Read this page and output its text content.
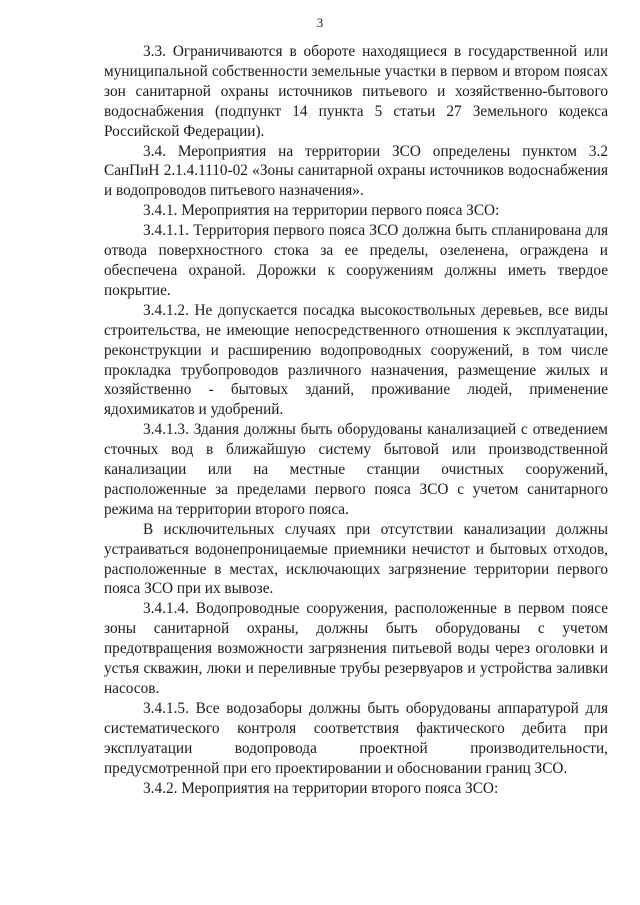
3

3.3. Ограничиваются в обороте находящиеся в государственной или муниципальной собственности земельные участки в первом и втором поясах зон санитарной охраны источников питьевого и хозяйственно-бытового водоснабжения (подпункт 14 пункта 5 статьи 27 Земельного кодекса Российской Федерации).

3.4. Мероприятия на территории ЗСО определены пунктом 3.2 СанПиН 2.1.4.1110-02 «Зоны санитарной охраны источников водоснабжения и водопроводов питьевого назначения».

3.4.1. Мероприятия на территории первого пояса ЗСО:

3.4.1.1. Территория первого пояса ЗСО должна быть спланирована для отвода поверхностного стока за ее пределы, озеленена, ограждена и обеспечена охраной. Дорожки к сооружениям должны иметь твердое покрытие.

3.4.1.2. Не допускается посадка высокоствольных деревьев, все виды строительства, не имеющие непосредственного отношения к эксплуатации, реконструкции и расширению водопроводных сооружений, в том числе прокладка трубопроводов различного назначения, размещение жилых и хозяйственно - бытовых зданий, проживание людей, применение ядохимикатов и удобрений.

3.4.1.3. Здания должны быть оборудованы канализацией с отведением сточных вод в ближайшую систему бытовой или производственной канализации или на местные станции очистных сооружений, расположенные за пределами первого пояса ЗСО с учетом санитарного режима на территории второго пояса.

В исключительных случаях при отсутствии канализации должны устраиваться водонепроницаемые приемники нечистот и бытовых отходов, расположенные в местах, исключающих загрязнение территории первого пояса ЗСО при их вывозе.

3.4.1.4. Водопроводные сооружения, расположенные в первом поясе зоны санитарной охраны, должны быть оборудованы с учетом предотвращения возможности загрязнения питьевой воды через оголовки и устья скважин, люки и переливные трубы резервуаров и устройства заливки насосов.

3.4.1.5. Все водозаборы должны быть оборудованы аппаратурой для систематического контроля соответствия фактического дебита при эксплуатации водопровода проектной производительности, предусмотренной при его проектировании и обосновании границ ЗСО.

3.4.2. Мероприятия на территории второго пояса ЗСО:
